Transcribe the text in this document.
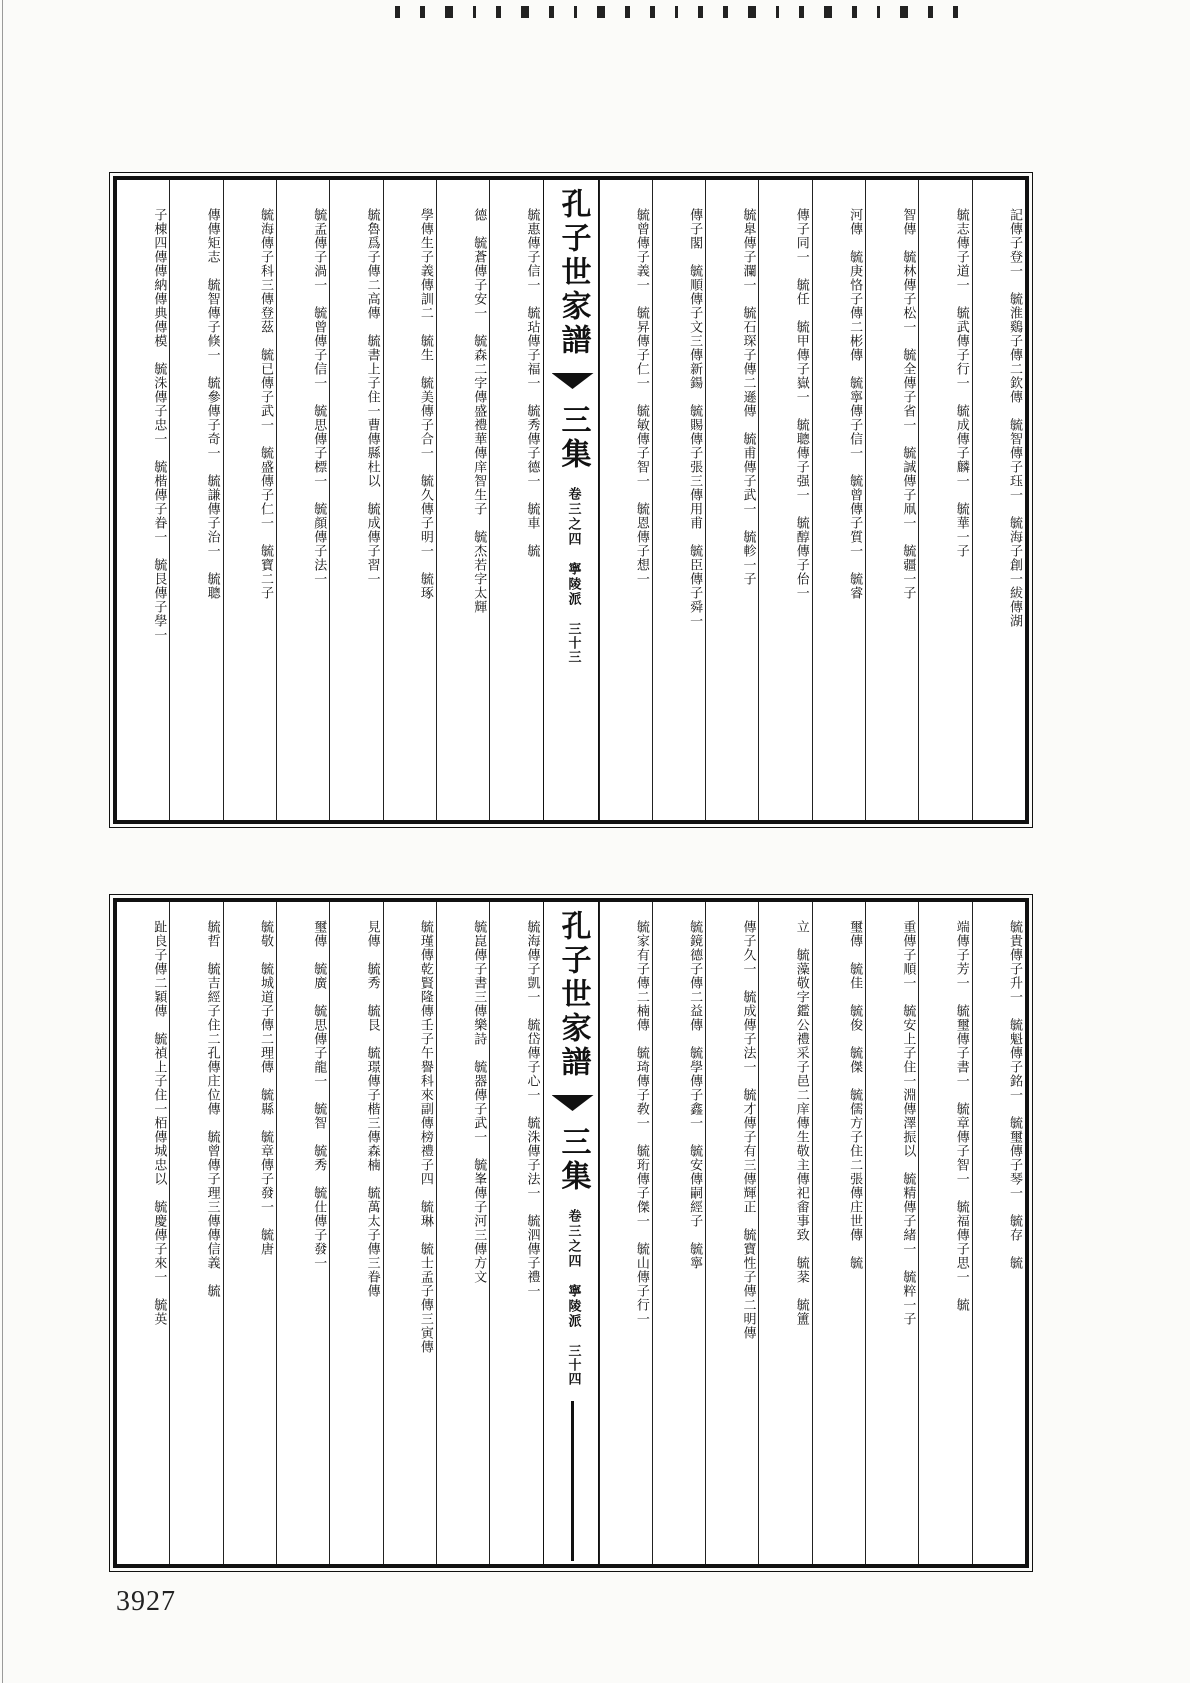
記傳子登一　毓淮鷄子傳二欽傳　毓智傳子珏一　毓海子創一紱傳湖
毓志傳子道一　毓武傳子行一　毓成傳子麟一　毓華一子
智傳　毓林傳子松一　毓全傳子省一　毓誠傳子凧一　毓疆一子
河傳　毓庚恪子傳二彬傳　毓寧傳子信一　毓曾傳子質一　毓睿
傳子同一　毓任　毓甲傳子嶽一　毓聰傳子强一　毓醇傳子佁一
毓臯傳子瀾一　毓石琛子傳二遜傳　毓甫傳子武一　毓軫一子
傳子閣　毓順傳子文三傳新鍚　毓賜傳子張三傳用甫　毓臣傳子舜一
毓曾傳子義一　毓昇傳子仁一　毓敏傳子智一　毓恩傳子想一
孔子世家譜  三集 卷三之四 寧陵派 三十三
毓惠傳子信一　毓玷傳子福一　毓秀傳子德一　毓車　毓
德　毓蒼傳子安一　毓森二字傳盛禮華傳庠智生子　毓杰若字太輝
學傳生子義傳訓二　毓生　毓美傳子合一　毓久傳子明一　毓琢
毓魯爲子傳二高傳　毓書上子住一曹傳縣杜以　毓成傳子習一
毓孟傳子渦一　毓曾傳子信一　毓思傳子標一　毓顔傳子法一
毓海傳子科三傳登茲　毓已傳子武一　毓盛傳子仁一　毓寶二子
傳傳矩志　毓智傳子倏一　毓參傳子奇一　毓謙傳子治一　毓聰
子棟四傳傳納傳典傳模　毓洙傳子忠一　毓楷傳子眷一　毓艮傳子學一
毓貴傳子升一　毓魁傳子銘一　毓璽傳子琴一　毓存　毓
端傳子芳一　毓璽傳子書一　毓章傳子智一　毓福傳子思一　毓
重傳子順一　毓安上子住一淵傳澤振以　毓精傳子緒一　毓粹一子
璽傳　毓佳　毓俊　毓傑　毓儒方子住二張傳庄世傳　毓
立　毓藻敬字鑑公禮采子邑二庠傳生敬主傳祀畬事致　毓棻　毓簠
傳子久一　毓成傳子法一　毓才傳子有三傳輝正　毓寶性子傳二明傳
毓鏡德子傳二益傳　毓學傳子鑫一　毓安傳嗣經子　毓寧
毓家有子傳二楠傳　毓琦傳子敎一　毓珩傳子傑一　毓山傳子行一
孔子世家譜  三集 卷三之四 寧陵派 三十四
毓海傳子凱一　毓岱傳子心一　毓洙傳子法一　毓泗傳子禮一
毓崑傳子書三傳樂詩　毓器傳子武一　毓峯傳子河三傳方文
毓瑾傳乾賢隆傳壬子午譽科來副傳榜禮子四　毓琳　毓士孟子傳三寅傳
見傳　毓秀　毓艮　毓璟傳子楷三傳森楠　毓萬太子傳三眷傳
璽傳　毓廣　毓思傳子龍一　毓智　毓秀　毓仕傳子發一
毓敬　毓城道子傳二理傳　毓縣　毓章傳子發一　毓唐
毓哲　毓吉經子住二孔傳庄位傳　毓曾傳子理三傳傳信義　毓
趾良子傳二穎傳　毓禎上子住一栢傳城忠以　毓慶傳子來一　毓英
3927
